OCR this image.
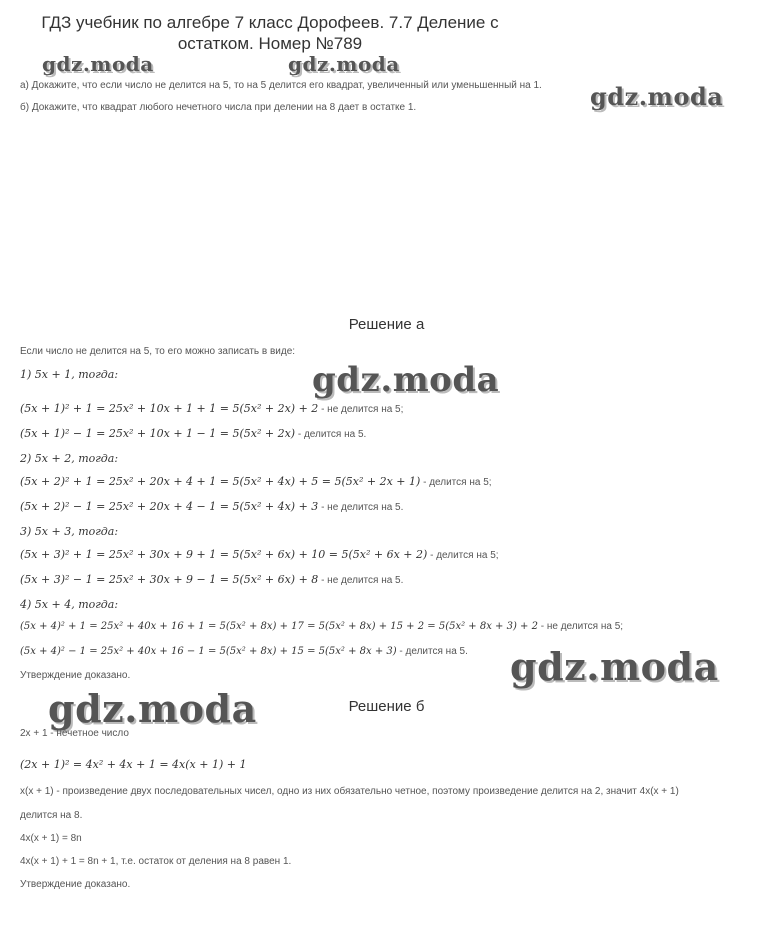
ГДЗ учебник по алгебре 7 класс Дорофеев. 7.7 Деление с остатком. Номер №789
gdz.moda	gdz.moda
gdz.moda
gdz.moda
gdz.moda
gdz.moda
а) Докажите, что если число не делится на 5, то на 5 делится его квадрат, увеличенный или уменьшенный на 1.
б) Докажите, что квадрат любого нечетного числа при делении на 8 дает в остатке 1.
Решение а
Если число не делится на 5, то его можно записать в виде:
1) 5x + 1, тогда:
(5x + 1)² + 1 = 25x² + 10x + 1 + 1 = 5(5x² + 2x) + 2 - не делится на 5;
(5x + 1)² − 1 = 25x² + 10x + 1 − 1 = 5(5x² + 2x) - делится на 5.
2) 5x + 2, тогда:
(5x + 2)² + 1 = 25x² + 20x + 4 + 1 = 5(5x² + 4x) + 5 = 5(5x² + 2x + 1) - делится на 5;
(5x + 2)² − 1 = 25x² + 20x + 4 − 1 = 5(5x² + 4x) + 3 - не делится на 5.
3) 5x + 3, тогда:
(5x + 3)² + 1 = 25x² + 30x + 9 + 1 = 5(5x² + 6x) + 10 = 5(5x² + 6x + 2) - делится на 5;
(5x + 3)² − 1 = 25x² + 30x + 9 − 1 = 5(5x² + 6x) + 8 - не делится на 5.
4) 5x + 4, тогда:
(5x + 4)² + 1 = 25x² + 40x + 16 + 1 = 5(5x² + 8x) + 17 = 5(5x² + 8x) + 15 + 2 = 5(5x² + 8x + 3) + 2 - не делится на 5;
(5x + 4)² − 1 = 25x² + 40x + 16 − 1 = 5(5x² + 8x) + 15 = 5(5x² + 8x + 3) - делится на 5.
Утверждение доказано.
Решение б
2x + 1 - нечетное число
(2x + 1)² = 4x² + 4x + 1 = 4x(x + 1) + 1
x(x + 1) - произведение двух последовательных чисел, одно из них обязательно четное, поэтому произведение делится на 2, значит 4x(x + 1)
делится на 8.
4x(x + 1) = 8n
4x(x + 1) + 1 = 8n + 1, т.е. остаток от деления на 8 равен 1.
Утверждение доказано.
